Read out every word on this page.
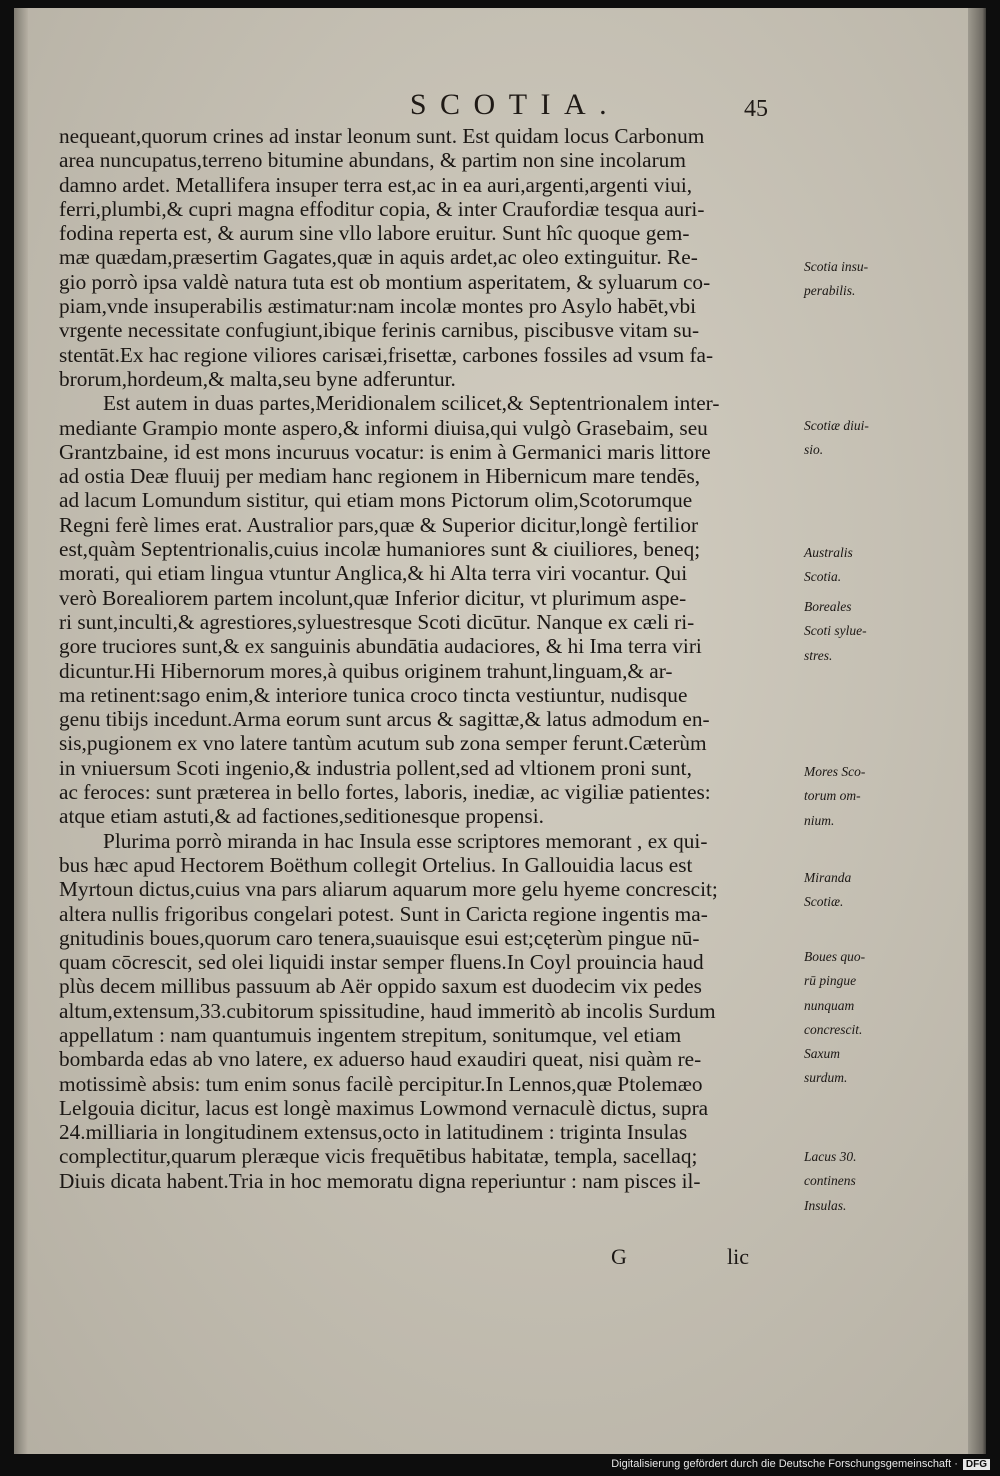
SCOTIA.	45
nequeant,quorum crines ad instar leonum sunt. Est quidam locus Carbonum
area nuncupatus,terreno bitumine abundans, & partim non sine incolarum
damno ardet. Metallifera insuper terra est,ac in ea auri,argenti,argenti viui,
ferri,plumbi,& cupri magna effoditur copia, & inter Craufordiæ tesqua auri-
fodina reperta est, & aurum sine vllo labore eruitur. Sunt hîc quoque gem-
mæ quædam,præsertim Gagates,quæ in aquis ardet,ac oleo extinguitur. Re-
gio porrò ipsa valdè natura tuta est ob montium asperitatem, & syluarum co-
piam,vnde insuperabilis æstimatur:nam incolæ montes pro Asylo habēt,vbi
vrgente necessitate confugiunt,ibique ferinis carnibus, piscibusve vitam su-
stentāt.Ex hac regione viliores carisæi,frisettæ, carbones fossiles ad vsum fa-
brorum,hordeum,& malta,seu byne adferuntur.
Est autem in duas partes,Meridionalem scilicet,& Septentrionalem inter-
mediante Grampio monte aspero,& informi diuisa,qui vulgò Grasebaim, seu
Grantzbaine, id est mons incuruus vocatur: is enim à Germanici maris littore
ad ostia Deæ fluuij per mediam hanc regionem in Hibernicum mare tendēs,
ad lacum Lomundum sistitur, qui etiam mons Pictorum olim,Scotorumque
Regni ferè limes erat. Australior pars,quæ & Superior dicitur,longè fertilior
est,quàm Septentrionalis,cuius incolæ humaniores sunt & ciuiliores, beneq;
morati, qui etiam lingua vtuntur Anglica,& hi Alta terra viri vocantur. Qui
verò Borealiorem partem incolunt,quæ Inferior dicitur, vt plurimum aspe-
ri sunt,inculti,& agrestiores,syluestresque Scoti dicūtur. Nanque ex cæli ri-
gore truciores sunt,& ex sanguinis abundātia audaciores, & hi Ima terra viri
dicuntur.Hi Hibernorum mores,à quibus originem trahunt,linguam,& ar-
ma retinent:sago enim,& interiore tunica croco tincta vestiuntur, nudisque
genu tibijs incedunt.Arma eorum sunt arcus & sagittæ,& latus admodum en-
sis,pugionem ex vno latere tantùm acutum sub zona semper ferunt.Cæterùm
in vniuersum Scoti ingenio,& industria pollent,sed ad vltionem proni sunt,
ac feroces: sunt præterea in bello fortes, laboris, inediæ, ac vigiliæ patientes:
atque etiam astuti,& ad factiones,seditionesque propensi.
Plurima porrò miranda in hac Insula esse scriptores memorant , ex qui-
bus hæc apud Hectorem Boëthum collegit Ortelius. In Gallouidia lacus est
Myrtoun dictus,cuius vna pars aliarum aquarum more gelu hyeme concrescit;
altera nullis frigoribus congelari potest. Sunt in Caricta regione ingentis ma-
gnitudinis boues,quorum caro tenera,suauisque esui est;cęterùm pingue nū-
quam cōcrescit, sed olei liquidi instar semper fluens.In Coyl prouincia haud
plùs decem millibus passuum ab Aër oppido saxum est duodecim vix pedes
altum,extensum,33.cubitorum spissitudine, haud immeritò ab incolis Surdum
appellatum : nam quantumuis ingentem strepitum, sonitumque, vel etiam
bombarda edas ab vno latere, ex aduerso haud exaudiri queat, nisi quàm re-
motissimè absis: tum enim sonus facilè percipitur.In Lennos,quæ Ptolemæo
Lelgouia dicitur, lacus est longè maximus Lowmond vernaculè dictus, supra
24.milliaria in longitudinem extensus,octo in latitudinem : triginta Insulas
complectitur,quarum pleræque vicis frequētibus habitatæ, templa, sacellaq;
Diuis dicata habent.Tria in hoc memoratu digna reperiuntur : nam pisces il-
G	lic
Scotia insu-
perabilis.
Scotiæ diui-
sio.
Australis
Scotia.
Boreales
Scoti sylue-
stres.
Mores Sco-
torum om-
nium.
Miranda
Scotiæ.
Boues quo-
rū pingue
nunquam
concrescit.
Saxum
surdum.
Lacus 30.
continens
Insulas.
Digitalisierung gefördert durch die Deutsche Forschungsgemeinschaft · DFG
